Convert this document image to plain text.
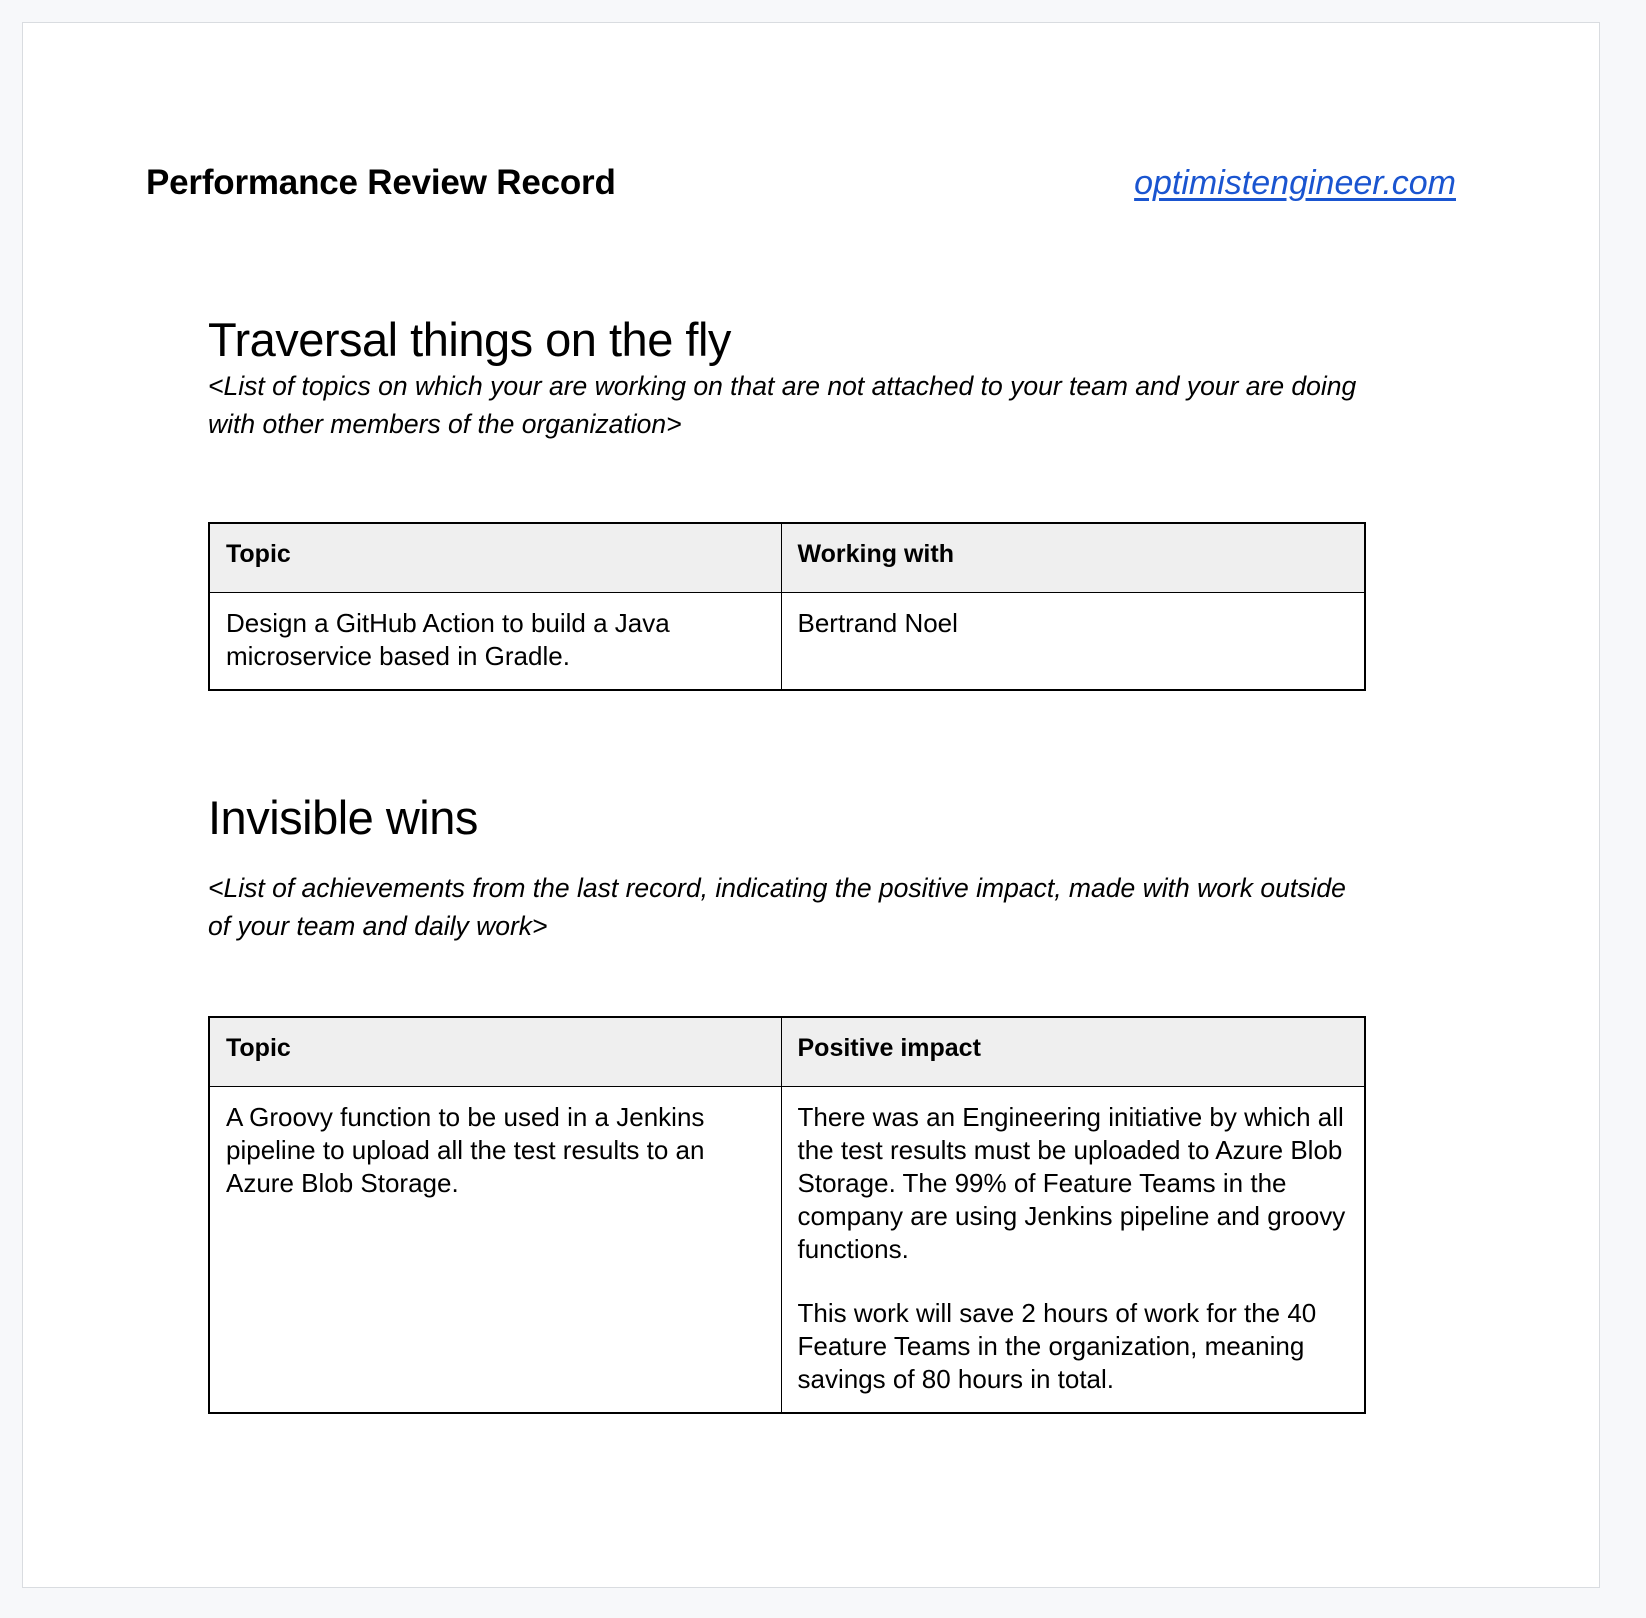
Performance Review Record	optimistengineer.com
Traversal things on the fly

<List of topics on which your are working on that are not attached to your team and your are doing with other members of the organization>

Topic	Working with
Design a GitHub Action to build a Java microservice based in Gradle.	Bertrand Noel
Invisible wins

<List of achievements from the last record, indicating the positive impact, made with work outside of your team and daily work>

Topic	Positive impact
A Groovy function to be used in a Jenkins pipeline to upload all the test results to an Azure Blob Storage.	There was an Engineering initiative by which all the test results must be uploaded to Azure Blob Storage. The 99% of Feature Teams in the company are using Jenkins pipeline and groovy functions.

This work will save 2 hours of work for the 40 Feature Teams in the organization, meaning savings of 80 hours in total.
